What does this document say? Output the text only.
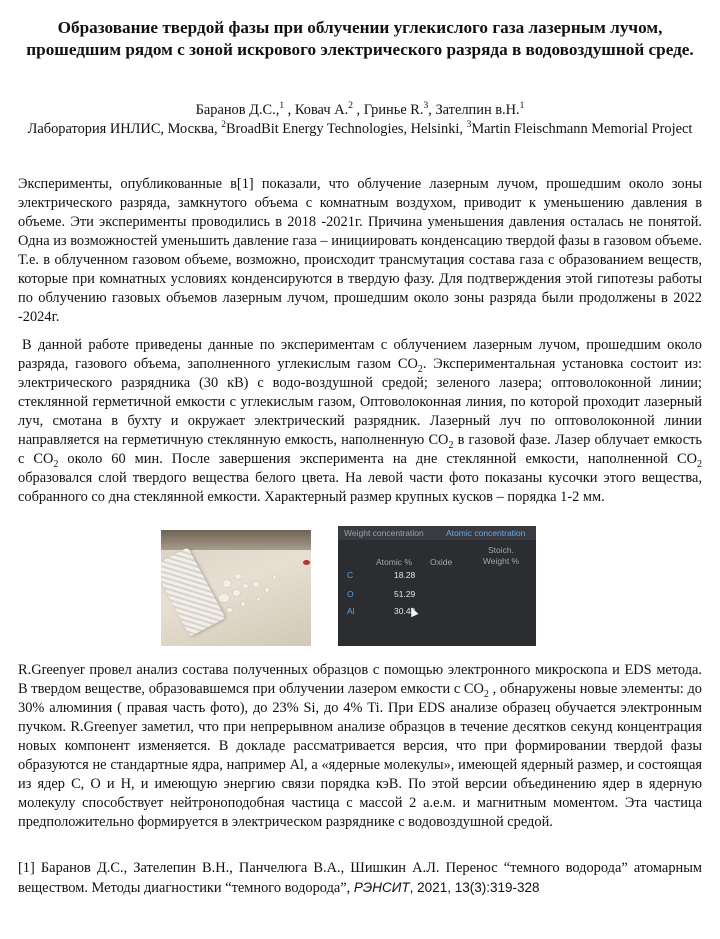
Образование твердой фазы при облучении углекислого газа лазерным лучом, прошедшим рядом с зоной искрового электрического разряда в водовоздушной среде.
Баранов Д.С.,$^1$ , Ковач А.$^2$ , Гринье R.$^3$, Зателпин в.Н.$^1$
Лаборатория ИНЛИС, Москва, $^2$BroadBit Energy Technologies, Helsinki, $^3$Martin Fleischmann Memorial Project

Эксперименты, опубликованные в[1] показали, что облучение лазерным лучом, прошедшим около зоны электрического разряда, замкнутого объема с комнатным воздухом, приводит к уменьшению давления в объеме. Эти эксперименты проводились в 2018 -2021г. Причина уменьшения давления осталась не понятой. Одна из возможностей уменьшить давление газа – инициировать конденсацию твердой фазы в газовом объеме. Т.е. в облученном газовом объеме, возможно, происходит трансмутация состава газа с образованием веществ, которые при комнатных условиях конденсируются в твердую фазу. Для подтверждения этой гипотезы работы по облучению газовых объемов лазерным лучом, прошедшим около зоны разряда были продолжены в 2022 -2024г.

В данной работе приведены данные по экспериментам с облучением лазерным лучом, прошедшим около разряда, газового объема, заполненного углекислым газом $CO_2$. Экспериментальная установка состоит из: электрического разрядника (30 кВ) с водо-воздушной средой; зеленого лазера; оптоволоконной линии; стеклянной герметичной емкости с углекислым газом, Оптоволоконная линия, по которой проходит лазерный луч, смотана в бухту и окружает электрический разрядник. Лазерный луч по оптоволоконной линии направляется на герметичную стеклянную емкость, наполненную $CO_2$ в газовой фазе. Лазер облучает емкость с $CO_2$ около 60 мин. После завершения эксперимента на дне стеклянной емкости, наполненной $CO_2$ образовался слой твердого вещества белого цвета. На левой части фото показаны кусочки этого вещества, собранного со дна стеклянной емкости. Характерный размер крупных кусков – порядка 1-2 мм.

Weight concentration	Atomic concentration
Atomic % Oxide
Stoich.
Weight %
C	18.28
O	51.29
Al	30.43

R.Greenyer провел анализ состава полученных образцов с помощью электронного микроскопа и EDS метода. В твердом веществе, образовавшемся при облучении лазером емкости с $CO_2$ , обнаружены новые элементы: до 30% алюминия ( правая часть фото), до 23% Si, до 4% Ti. При EDS анализе образец обучается электронным пучком. R.Greenyer заметил, что при непрерывном анализе образцов в течение десятков секунд концентрация новых компонент изменяется. В докладе рассматривается версия, что при формировании твердой фазы образуются не стандартные ядра, например Al, а «ядерные молекулы», имеющей ядерный размер, и состоящая из ядер C, O и H, и имеющую энергию связи порядка кэВ. По этой версии объединению ядер в ядерную молекулу способствует нейтроноподобная частица с массой 2 а.е.м. и магнитным моментом. Эта частица предположительно формируется в электрическом разряднике с водовоздушной средой.

[1] Баранов Д.С., Зателепин В.Н., Панчелюга В.А., Шишкин А.Л. Перенос “темного водорода” атомарным веществом. Методы диагностики “темного водорода”, РЭНСИТ, 2021, 13(3):319-328
